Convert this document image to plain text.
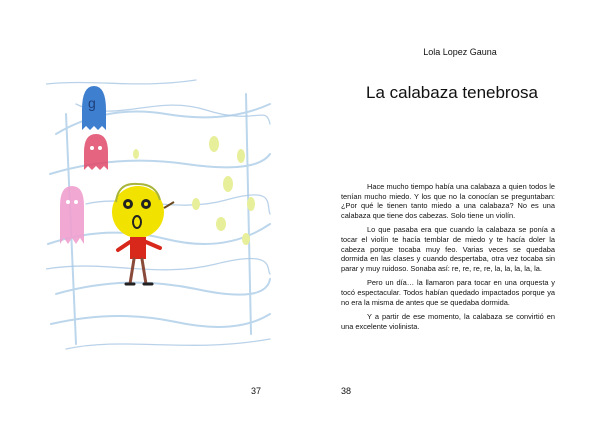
g
37
Lola Lopez Gauna
La calabaza tenebrosa

Hace mucho tiempo había una calabaza a quien todos le tenían mucho miedo. Y los que no la conocían se preguntaban: ¿Por qué le tienen tanto miedo a una calabaza? No es una calabaza que tiene dos cabezas. Solo tiene un violín.

Lo que pasaba era que cuando la calabaza se ponía a tocar el violín te hacía temblar de miedo y te hacía doler la cabeza porque tocaba muy feo. Varias veces se quedaba dormida en las clases y cuando despertaba, otra vez tocaba sin parar y muy ruidoso. Sonaba así: re, re, re, re, la, la, la, la, la.

Pero un día… la llamaron para tocar en una orquesta y tocó espectacular. Todos habían quedado impactados porque ya no era la misma de antes que se quedaba dormida.

Y a partir de ese momento, la calabaza se convirtió en una excelente violinista.

38
